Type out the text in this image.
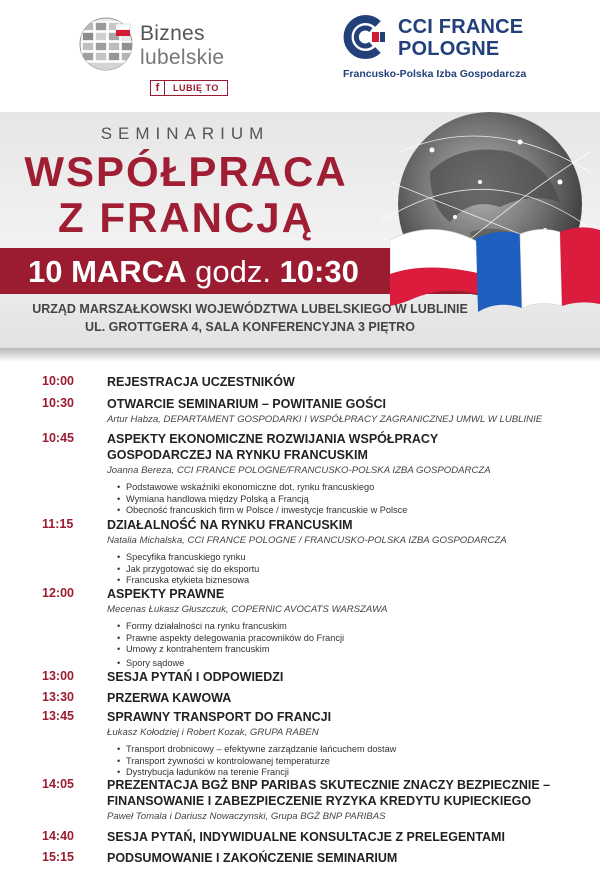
Biznes
lubelskie
f	LUBIĘ TO
CCI FRANCE
POLOGNE
Francusko-Polska Izba Gospodarcza
SEMINARIUM
WSPÓŁPRACA
Z FRANCJĄ
10 MARCA godz. 10:30
URZĄD MARSZAŁKOWSKI WOJEWÓDZTWA LUBELSKIEGO W LUBLINIE
UL. GROTTGERA 4, SALA KONFERENCYJNA 3 PIĘTRO
10:00	REJESTRACJA UCZESTNIKÓW
10:30	OTWARCIE SEMINARIUM – POWITANIE GOŚCI
Artur Habza, DEPARTAMENT GOSPODARKI I WSPÓŁPRACY ZAGRANICZNEJ UMWL W LUBLINIE
10:45	ASPEKTY EKONOMICZNE ROZWIJANIA WSPÓŁPRACY
GOSPODARCZEJ NA RYNKU FRANCUSKIM
Joanna Bereza, CCI FRANCE POLOGNE/FRANCUSKO-POLSKA IZBA GOSPODARCZA
• Podstawowe wskaźniki ekonomiczne dot. rynku francuskiego
• Wymiana handlowa między Polską a Francją
• Obecność francuskich firm w Polsce / inwestycje francuskie w Polsce
11:15	DZIAŁALNOŚĆ NA RYNKU FRANCUSKIM
Natalia Michalska, CCI FRANCE POLOGNE / FRANCUSKO-POLSKA IZBA GOSPODARCZA
• Specyfika francuskiego rynku
• Jak przygotować się do eksportu
• Francuska etykieta biznesowa
12:00	ASPEKTY PRAWNE
Mecenas Łukasz Głuszczuk, COPERNIC AVOCATS WARSZAWA
• Formy działalności na rynku francuskim
• Prawne aspekty delegowania pracowników do Francji
• Umowy z kontrahentem francuskim
• Spory sądowe
13:00	SESJA PYTAŃ I ODPOWIEDZI
13:30	PRZERWA KAWOWA
13:45	SPRAWNY TRANSPORT DO FRANCJI
Łukasz Kołodziej i Robert Kozak, GRUPA RABEN
• Transport drobnicowy – efektywne zarządzanie łańcuchem dostaw
• Transport żywności w kontrolowanej temperaturze
• Dystrybucja ładunków na terenie Francji
14:05	PREZENTACJA BGŻ BNP PARIBAS SKUTECZNIE ZNACZY BEZPIECZNIE –
FINANSOWANIE I ZABEZPIECZENIE RYZYKA KREDYTU KUPIECKIEGO
Paweł Tomala i Dariusz Nowaczynski, Grupa BGŻ BNP PARIBAS
14:40	SESJA PYTAŃ, INDYWIDUALNE KONSULTACJE Z PRELEGENTAMI
15:15	PODSUMOWANIE I ZAKOŃCZENIE SEMINARIUM
